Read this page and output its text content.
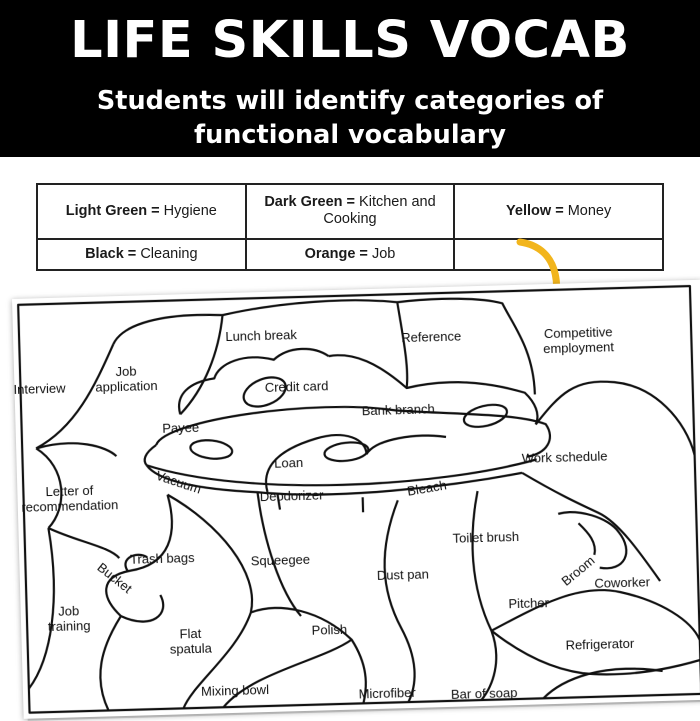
LIFE SKILLS VOCAB
Students will identify categories of functional vocabulary
Light Green = Hygiene	Dark Green = Kitchen and Cooking	Yellow = Money
Black = Cleaning	Orange = Job	
Lunch break	Reference	Competitiveemployment
Interview
Jobapplication	Credit card
Bank branch
Payee
Loan	Work schedule
Letter ofrecommendation
Vacuum	Deodorizer	Bleach
Toilet brush
Trash bags	Squeegee
Dust pan	Broom
Coworker
Bucket
Pitcher
Jobtraining	Polish
Flatspatula	Refrigerator
Mixing bowl	Microfiber	Bar of soap
